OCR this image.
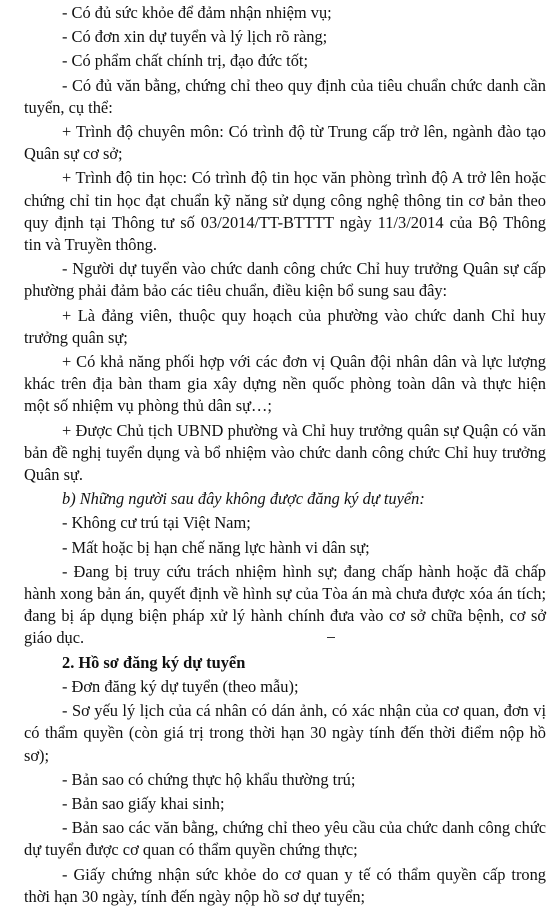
- Có đủ sức khỏe để đảm nhận nhiệm vụ;

- Có đơn xin dự tuyển và lý lịch rõ ràng;

- Có phẩm chất chính trị, đạo đức tốt;

- Có đủ văn bằng, chứng chỉ theo quy định của tiêu chuẩn chức danh cần tuyển, cụ thể:

+ Trình độ chuyên môn: Có trình độ từ Trung cấp trở lên, ngành đào tạo Quân sự cơ sở;

+ Trình độ tin học: Có trình độ tin học văn phòng trình độ A trở lên hoặc chứng chỉ tin học đạt chuẩn kỹ năng sử dụng công nghệ thông tin cơ bản theo quy định tại Thông tư số 03/2014/TT-BTTTT ngày 11/3/2014 của Bộ Thông tin và Truyền thông.

- Người dự tuyển vào chức danh công chức Chỉ huy trưởng Quân sự cấp phường phải đảm bảo các tiêu chuẩn, điều kiện bổ sung sau đây:

+ Là đảng viên, thuộc quy hoạch của phường vào chức danh Chỉ huy trưởng quân sự;

+ Có khả năng phối hợp với các đơn vị Quân đội nhân dân và lực lượng khác trên địa bàn tham gia xây dựng nền quốc phòng toàn dân và thực hiện một số nhiệm vụ phòng thủ dân sự…;

+ Được Chủ tịch UBND phường và Chỉ huy trưởng quân sự Quận có văn bản đề nghị tuyển dụng và bổ nhiệm vào chức danh công chức Chỉ huy trưởng Quân sự.

b) Những người sau đây không được đăng ký dự tuyển:

- Không cư trú tại Việt Nam;

- Mất hoặc bị hạn chế năng lực hành vi dân sự;

- Đang bị truy cứu trách nhiệm hình sự; đang chấp hành hoặc đã chấp hành xong bản án, quyết định về hình sự của Tòa án mà chưa được xóa án tích; đang bị áp dụng biện pháp xử lý hành chính đưa vào cơ sở chữa bệnh, cơ sở giáo dục.

2. Hồ sơ đăng ký dự tuyển

- Đơn đăng ký dự tuyển (theo mẫu);

- Sơ yếu lý lịch của cá nhân có dán ảnh, có xác nhận của cơ quan, đơn vị có thẩm quyền (còn giá trị trong thời hạn 30 ngày tính đến thời điểm nộp hồ sơ);

- Bản sao có chứng thực hộ khẩu thường trú;

- Bản sao giấy khai sinh;

- Bản sao các văn bằng, chứng chỉ theo yêu cầu của chức danh công chức dự tuyển được cơ quan có thẩm quyền chứng thực;

- Giấy chứng nhận sức khỏe do cơ quan y tế có thẩm quyền cấp trong thời hạn 30 ngày, tính đến ngày nộp hồ sơ dự tuyển;
